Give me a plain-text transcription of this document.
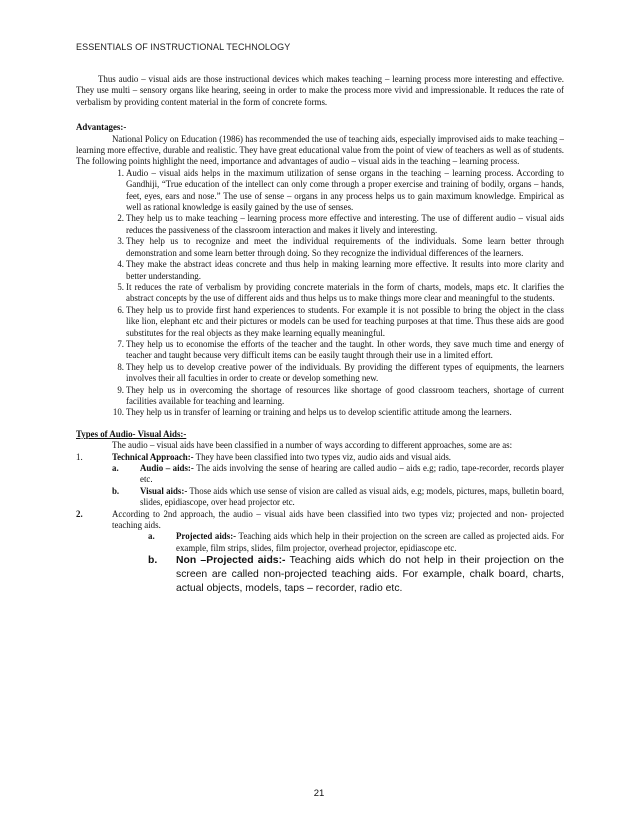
ESSENTIALS OF INSTRUCTIONAL TECHNOLOGY

Thus audio – visual aids are those instructional devices which makes teaching – learning process more interesting and effective. They use multi – sensory organs like hearing, seeing in order to make the process more vivid and impressionable. It reduces the rate of verbalism by providing content material in the form of concrete forms.

Advantages:-

National Policy on Education (1986) has recommended the use of teaching aids, especially improvised aids to make teaching – learning more effective, durable and realistic. They have great educational value from the point of view of teachers as well as of students. The following points highlight the need, importance and advantages of audio – visual aids in the teaching – learning process.

1. Audio – visual aids helps in the maximum utilization of sense organs in the teaching – learning process. According to Gandhiji, “True education of the intellect can only come through a proper exercise and training of bodily, organs – hands, feet, eyes, ears and nose.” The use of sense – organs in any process helps us to gain maximum knowledge. Empirical as well as rational knowledge is easily gained by the use of senses.
2. They help us to make teaching – learning process more effective and interesting. The use of different audio – visual aids reduces the passiveness of the classroom interaction and makes it lively and interesting.
3. They help us to recognize and meet the individual requirements of the individuals. Some learn better through demonstration and some learn better through doing. So they recognize the individual differences of the learners.
4. They make the abstract ideas concrete and thus help in making learning more effective. It results into more clarity and better understanding.
5. It reduces the rate of verbalism by providing concrete materials in the form of charts, models, maps etc. It clarifies the abstract concepts by the use of different aids and thus helps us to make things more clear and meaningful to the students.
6. They help us to provide first hand experiences to students. For example it is not possible to bring the object in the class like lion, elephant etc and their pictures or models can be used for teaching purposes at that time. Thus these aids are good substitutes for the real objects as they make learning equally meaningful.
7. They help us to economise the efforts of the teacher and the taught. In other words, they save much time and energy of teacher and taught because very difficult items can be easily taught through their use in a limited effort.
8. They help us to develop creative power of the individuals. By providing the different types of equipments, the learners involves their all faculties in order to create or develop something new.
9. They help us in overcoming the shortage of resources like shortage of good classroom teachers, shortage of current facilities available for teaching and learning.
10. They help us in transfer of learning or training and helps us to develop scientific attitude among the learners.

Types of Audio- Visual Aids:-

The audio – visual aids have been classified in a number of ways according to different approaches, some are as:

1.	Technical Approach:- They have been classified into two types viz, audio aids and visual aids.
a. Audio – aids:- The aids involving the sense of hearing are called audio – aids e.g; radio, tape-recorder, records player etc.
b. Visual aids:- Those aids which use sense of vision are called as visual aids, e.g; models, pictures, maps, bulletin board, slides, epidiascope, over head projector etc.
2.	According to 2nd approach, the audio – visual aids have been classified into two types viz; projected and non- projected teaching aids.
a. Projected aids:- Teaching aids which help in their projection on the screen are called as projected aids. For example, film strips, slides, film projector, overhead projector, epidiascope etc.
b. Non –Projected aids:- Teaching aids which do not help in their projection on the screen are called non-projected teaching aids. For example, chalk board, charts, actual objects, models, taps – recorder, radio etc.
21
